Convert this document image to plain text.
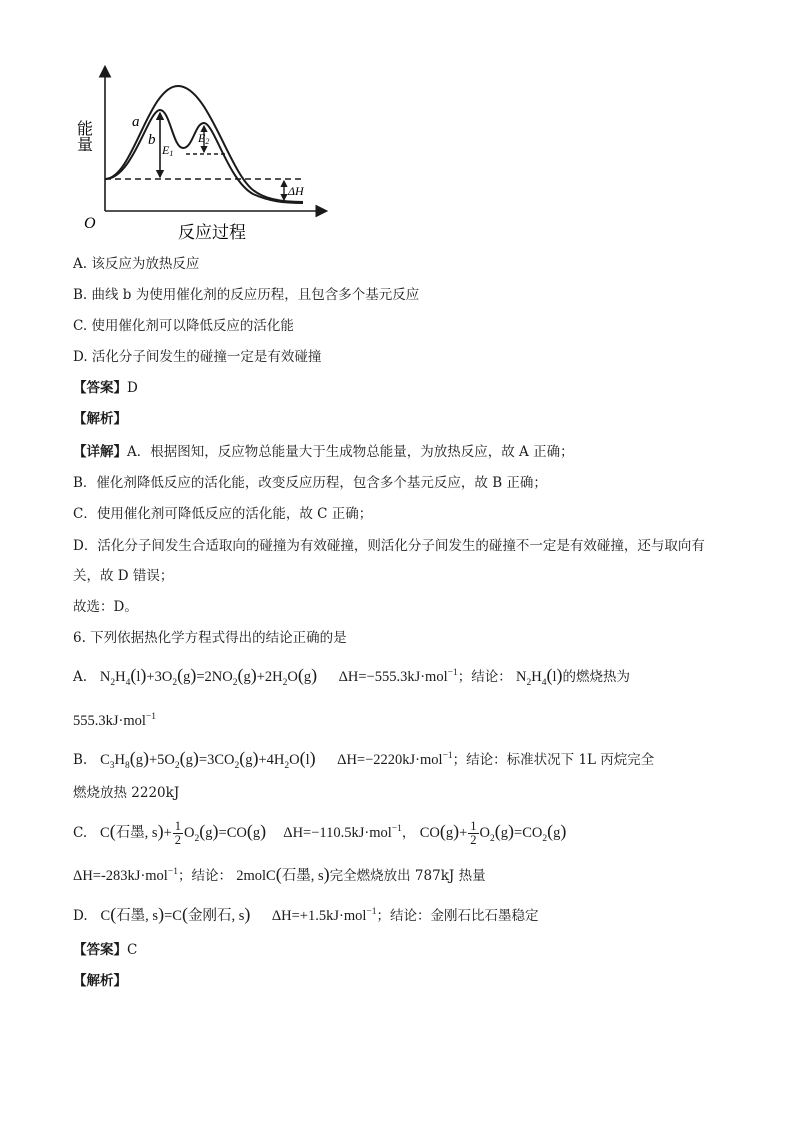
能量
反应过程
O
a
b
E1
E2
ΔH
A. 该反应为放热反应
B. 曲线 b 为使用催化剂的反应历程，且包含多个基元反应
C. 使用催化剂可以降低反应的活化能
D. 活化分子间发生的碰撞一定是有效碰撞
【答案】D
【解析】
【详解】A．根据图知，反应物总能量大于生成物总能量，为放热反应，故 A 正确；
B．催化剂降低反应的活化能，改变反应历程，包含多个基元反应，故 B 正确；
C．使用催化剂可降低反应的活化能，故 C 正确；
D．活化分子间发生合适取向的碰撞为有效碰撞，则活化分子间发生的碰撞不一定是有效碰撞，还与取向有
关，故 D 错误；
故选：D。
6. 下列依据热化学方程式得出的结论正确的是
A. $N_2H_4(l)+3O_2(g)=2NO_2(g)+2H_2O(g)$ ΔH=−555.3kJ·mol$^{-1}$；结论： $N_2H_4(l)$的燃烧热为
555.3kJ·mol$^{-1}$
B. $C_3H_8(g)+5O_2(g)=3CO_2(g)+4H_2O(l)$ ΔH=−2220kJ·mol$^{-1}$；结论：标准状况下 1L 丙烷完全
燃烧放热 2220kJ
C. C(石墨, $s)+ \frac{1}{2} O_2(g)=CO(g)$ ΔH=−110.5kJ·mol$^{-1}$， $CO(g)+ \frac{1}{2} O_2(g)=CO_2(g)$
ΔH=-283kJ·mol$^{-1}$；结论： 2molC(石墨, s)完全燃烧放出 787kJ 热量
D. C(石墨, s)=C(金刚石, s) ΔH=+1.5kJ·mol$^{-1}$；结论：金刚石比石墨稳定
【答案】C
【解析】
